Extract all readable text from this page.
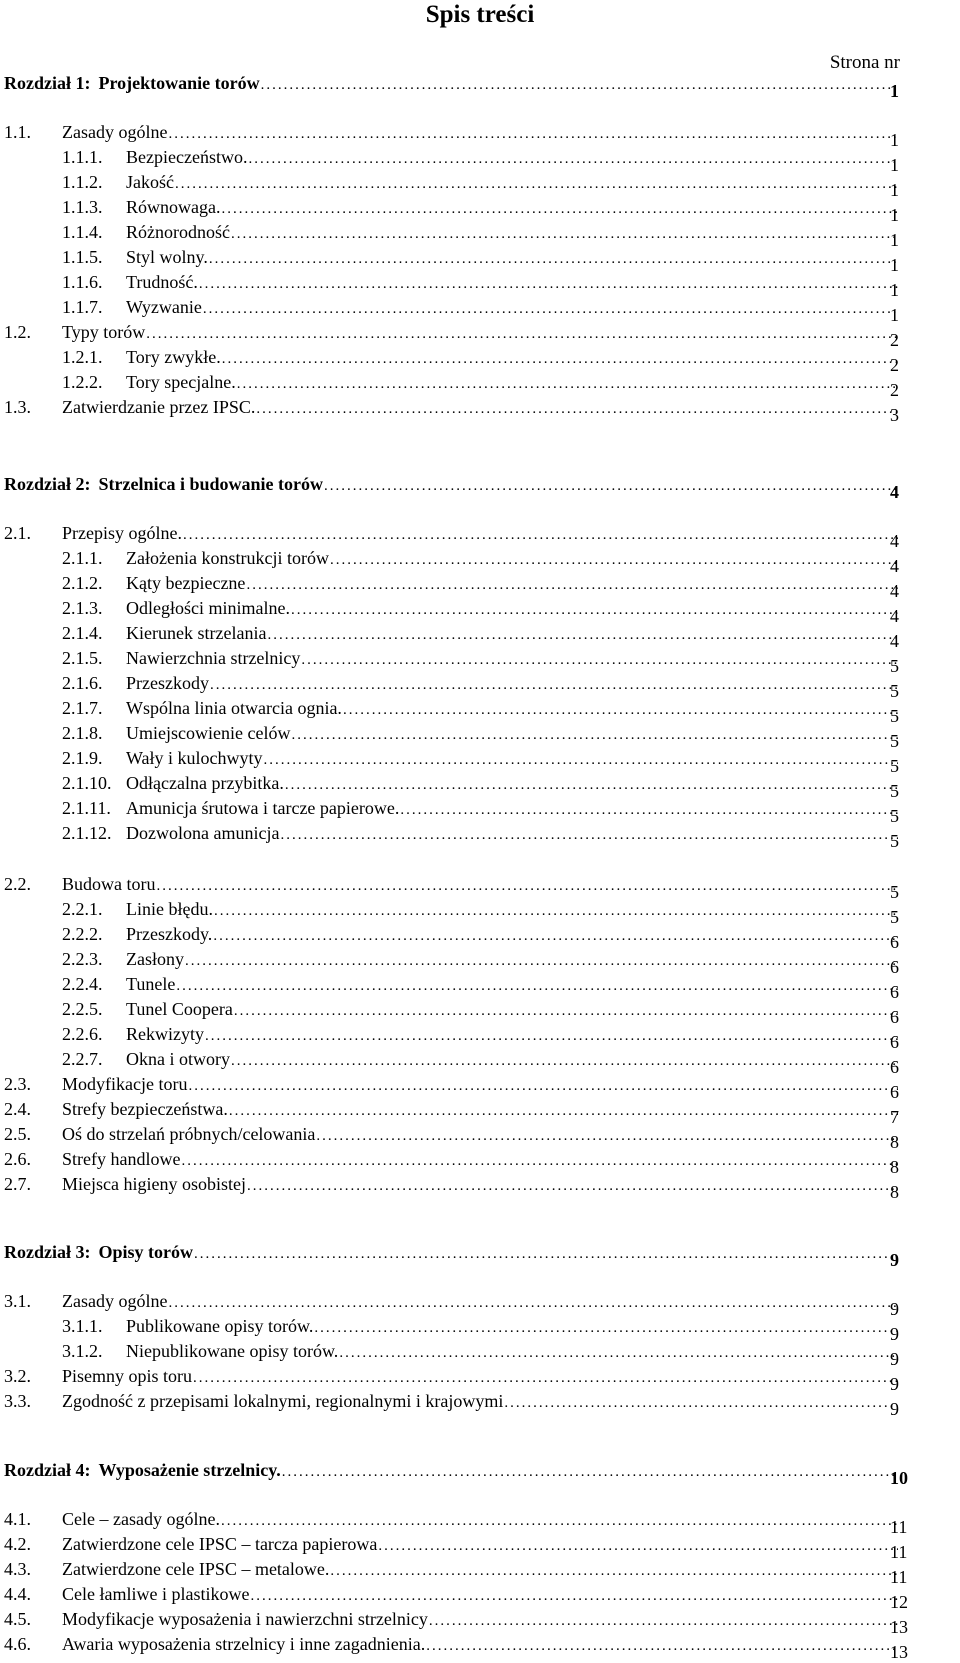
Spis treści
Strona nr
Rozdział 1: Projektowanie torów .....	1
1.1.	Zasady ogólne .....	1
1.1.1.	Bezpieczeństwo. .....	1
1.1.2.	Jakość .....	1
1.1.3.	Równowaga. .....	1
1.1.4.	Różnorodność .....	1
1.1.5.	Styl wolny. .....	1
1.1.6.	Trudność. .....	1
1.1.7.	Wyzwanie .....	1
1.2.	Typy torów .....	2
1.2.1.	Tory zwykłe. .....	2
1.2.2.	Tory specjalne. .....	2
1.3.	Zatwierdzanie przez IPSC. .....	3
Rozdział 2: Strzelnica i budowanie torów .....	4
2.1.	Przepisy ogólne. .....	4
2.1.1.	Założenia konstrukcji torów .....	4
2.1.2.	Kąty bezpieczne .....	4
2.1.3.	Odległości minimalne. .....	4
2.1.4.	Kierunek strzelania .....	4
2.1.5.	Nawierzchnia strzelnicy .....	5
2.1.6.	Przeszkody .....	5
2.1.7.	Wspólna linia otwarcia ognia. .....	5
2.1.8.	Umiejscowienie celów .....	5
2.1.9.	Wały i kulochwyty .....	5
2.1.10. Odłączalna przybitka. .....	5
2.1.11. Amunicja śrutowa i tarcze papierowe. .....	5
2.1.12. Dozwolona amunicja .....	5
2.2.	Budowa toru .....	5
2.2.1.	Linie błędu. .....	5
2.2.2.	Przeszkody. .....	6
2.2.3.	Zasłony .....	6
2.2.4.	Tunele .....	6
2.2.5.	Tunel Coopera .....	6
2.2.6.	Rekwizyty .....	6
2.2.7.	Okna i otwory .....	6
2.3.	Modyfikacje toru .....	6
2.4.	Strefy bezpieczeństwa. .....	7
2.5.	Oś do strzelań próbnych/celowania .....	8
2.6.	Strefy handlowe .....	8
2.7.	Miejsca higieny osobistej .....	8
Rozdział 3: Opisy torów .....	9
3.1.	Zasady ogólne .....	9
3.1.1.	Publikowane opisy torów. .....	9
3.1.2.	Niepublikowane opisy torów. .....	9
3.2.	Pisemny opis toru .....	9
3.3.	Zgodność z przepisami lokalnymi, regionalnymi i krajowymi .....	9
Rozdział 4: Wyposażenie strzelnicy. .....	10
4.1.	Cele – zasady ogólne. .....	11
4.2.	Zatwierdzone cele IPSC – tarcza papierowa .....	11
4.3.	Zatwierdzone cele IPSC – metalowe. .....	11
4.4.	Cele łamliwe i plastikowe .....	12
4.5.	Modyfikacje wyposażenia i nawierzchni strzelnicy .....	13
4.6.	Awaria wyposażenia strzelnicy i inne zagadnienia. .....	13
